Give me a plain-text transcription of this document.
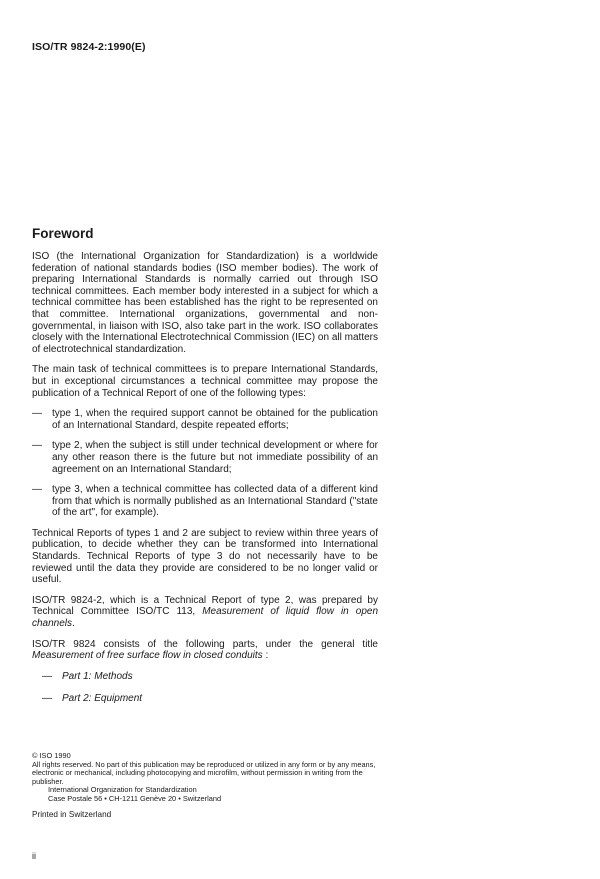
ISO/TR 9824-2:1990(E)
Foreword

ISO (the International Organization for Standardization) is a worldwide federation of national standards bodies (ISO member bodies). The work of preparing International Standards is normally carried out through ISO technical committees. Each member body interested in a subject for which a technical committee has been established has the right to be represented on that committee. International organizations, governmental and non-governmental, in liaison with ISO, also take part in the work. ISO collaborates closely with the International Electrotechnical Commission (IEC) on all matters of electrotechnical standardization.

The main task of technical committees is to prepare International Standards, but in exceptional circumstances a technical committee may propose the publication of a Technical Report of one of the following types:

—	type 1, when the required support cannot be obtained for the publication of an International Standard, despite repeated efforts;
—	type 2, when the subject is still under technical development or where for any other reason there is the future but not immediate possibility of an agreement on an International Standard;
—	type 3, when a technical committee has collected data of a different kind from that which is normally published as an International Standard ("state of the art", for example).

Technical Reports of types 1 and 2 are subject to review within three years of publication, to decide whether they can be transformed into International Standards. Technical Reports of type 3 do not necessarily have to be reviewed until the data they provide are considered to be no longer valid or useful.

ISO/TR 9824-2, which is a Technical Report of type 2, was prepared by Technical Committee ISO/TC 113, Measurement of liquid flow in open channels.

ISO/TR 9824 consists of the following parts, under the general title Measurement of free surface flow in closed conduits :

—	Part 1: Methods
—	Part 2: Equipment

© ISO 1990

All rights reserved. No part of this publication may be reproduced or utilized in any form or by any means, electronic or mechanical, including photocopying and microfilm, without permission in writing from the publisher.

International Organization for Standardization

Case Postale 56 • CH-1211 Genève 20 • Switzerland

Printed in Switzerland
ii
